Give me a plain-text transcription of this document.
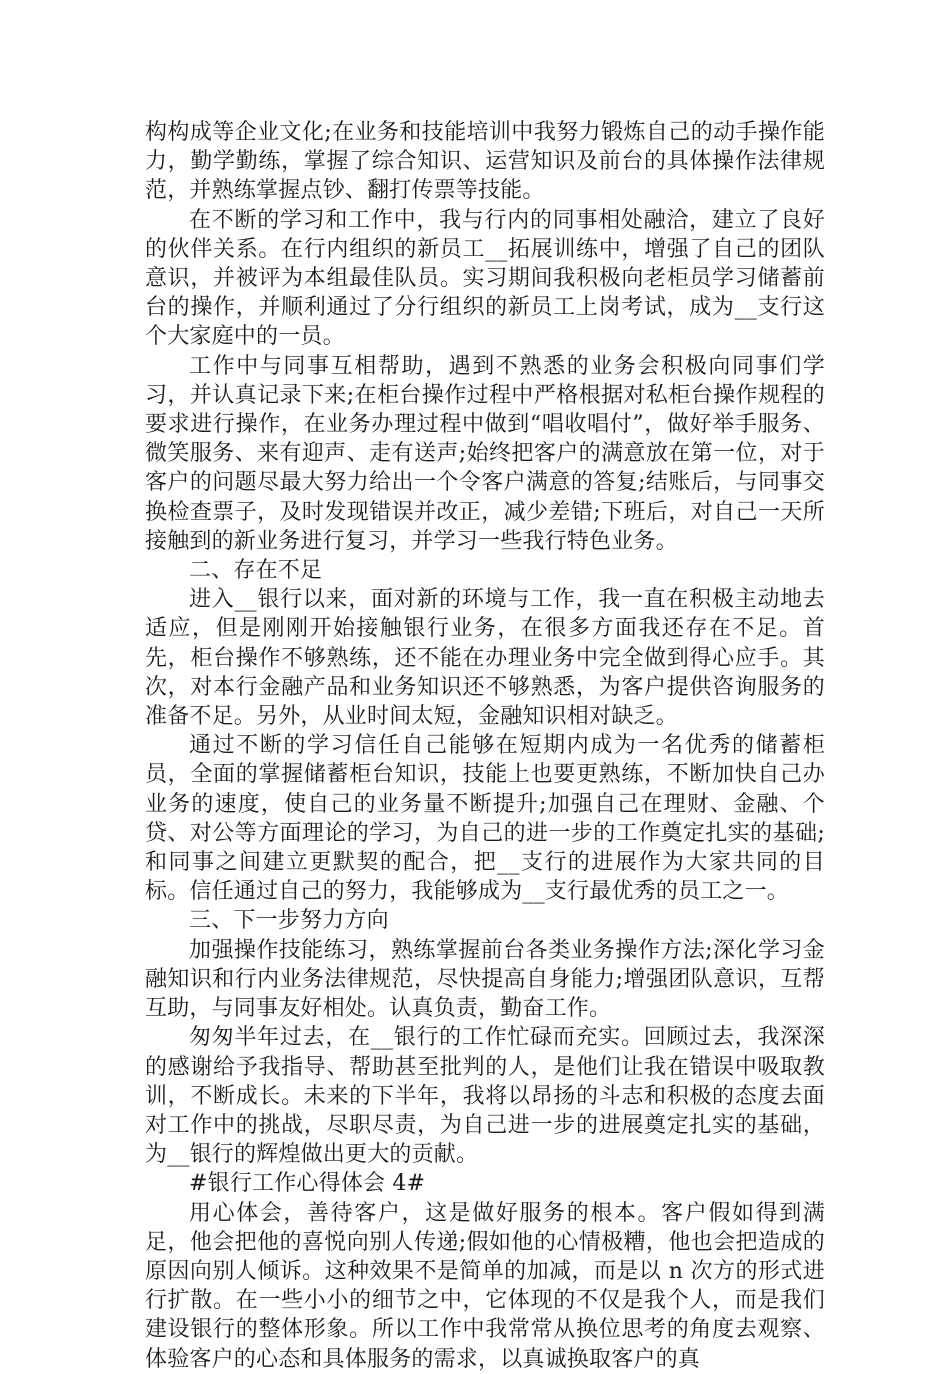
构构成等企业文化;在业务和技能培训中我努力锻炼自己的动手操作能力，勤学勤练，掌握了综合知识、运营知识及前台的具体操作法律规范，并熟练掌握点钞、翻打传票等技能。

在不断的学习和工作中，我与行内的同事相处融洽，建立了良好的伙伴关系。在行内组织的新员工__拓展训练中，增强了自己的团队意识，并被评为本组最佳队员。实习期间我积极向老柜员学习储蓄前台的操作，并顺利通过了分行组织的新员工上岗考试，成为__支行这个大家庭中的一员。

工作中与同事互相帮助，遇到不熟悉的业务会积极向同事们学习，并认真记录下来;在柜台操作过程中严格根据对私柜台操作规程的要求进行操作，在业务办理过程中做到“唱收唱付”，做好举手服务、微笑服务、来有迎声、走有送声;始终把客户的满意放在第一位，对于客户的问题尽最大努力给出一个令客户满意的答复;结账后，与同事交换检查票子，及时发现错误并改正，减少差错;下班后，对自己一天所接触到的新业务进行复习，并学习一些我行特色业务。

二、存在不足

进入__银行以来，面对新的环境与工作，我一直在积极主动地去适应，但是刚刚开始接触银行业务，在很多方面我还存在不足。首先，柜台操作不够熟练，还不能在办理业务中完全做到得心应手。其次，对本行金融产品和业务知识还不够熟悉，为客户提供咨询服务的准备不足。另外，从业时间太短，金融知识相对缺乏。

通过不断的学习信任自己能够在短期内成为一名优秀的储蓄柜员，全面的掌握储蓄柜台知识，技能上也要更熟练，不断加快自己办业务的速度，使自己的业务量不断提升;加强自己在理财、金融、个贷、对公等方面理论的学习，为自己的进一步的工作奠定扎实的基础;和同事之间建立更默契的配合，把__支行的进展作为大家共同的目标。信任通过自己的努力，我能够成为__支行最优秀的员工之一。

三、下一步努力方向

加强操作技能练习，熟练掌握前台各类业务操作方法;深化学习金融知识和行内业务法律规范，尽快提高自身能力;增强团队意识，互帮互助，与同事友好相处。认真负责，勤奋工作。

匆匆半年过去，在__银行的工作忙碌而充实。回顾过去，我深深的感谢给予我指导、帮助甚至批判的人，是他们让我在错误中吸取教训，不断成长。未来的下半年，我将以昂扬的斗志和积极的态度去面对工作中的挑战，尽职尽责，为自己进一步的进展奠定扎实的基础，为__银行的辉煌做出更大的贡献。

#银行工作心得体会 4#

用心体会，善待客户，这是做好服务的根本。客户假如得到满足，他会把他的喜悦向别人传递;假如他的心情极糟，他也会把造成的原因向别人倾诉。这种效果不是简单的加减，而是以 n 次方的形式进行扩散。在一些小小的细节之中，它体现的不仅是我个人，而是我们建设银行的整体形象。所以工作中我常常从换位思考的角度去观察、体验客户的心态和具体服务的需求，以真诚换取客户的真
